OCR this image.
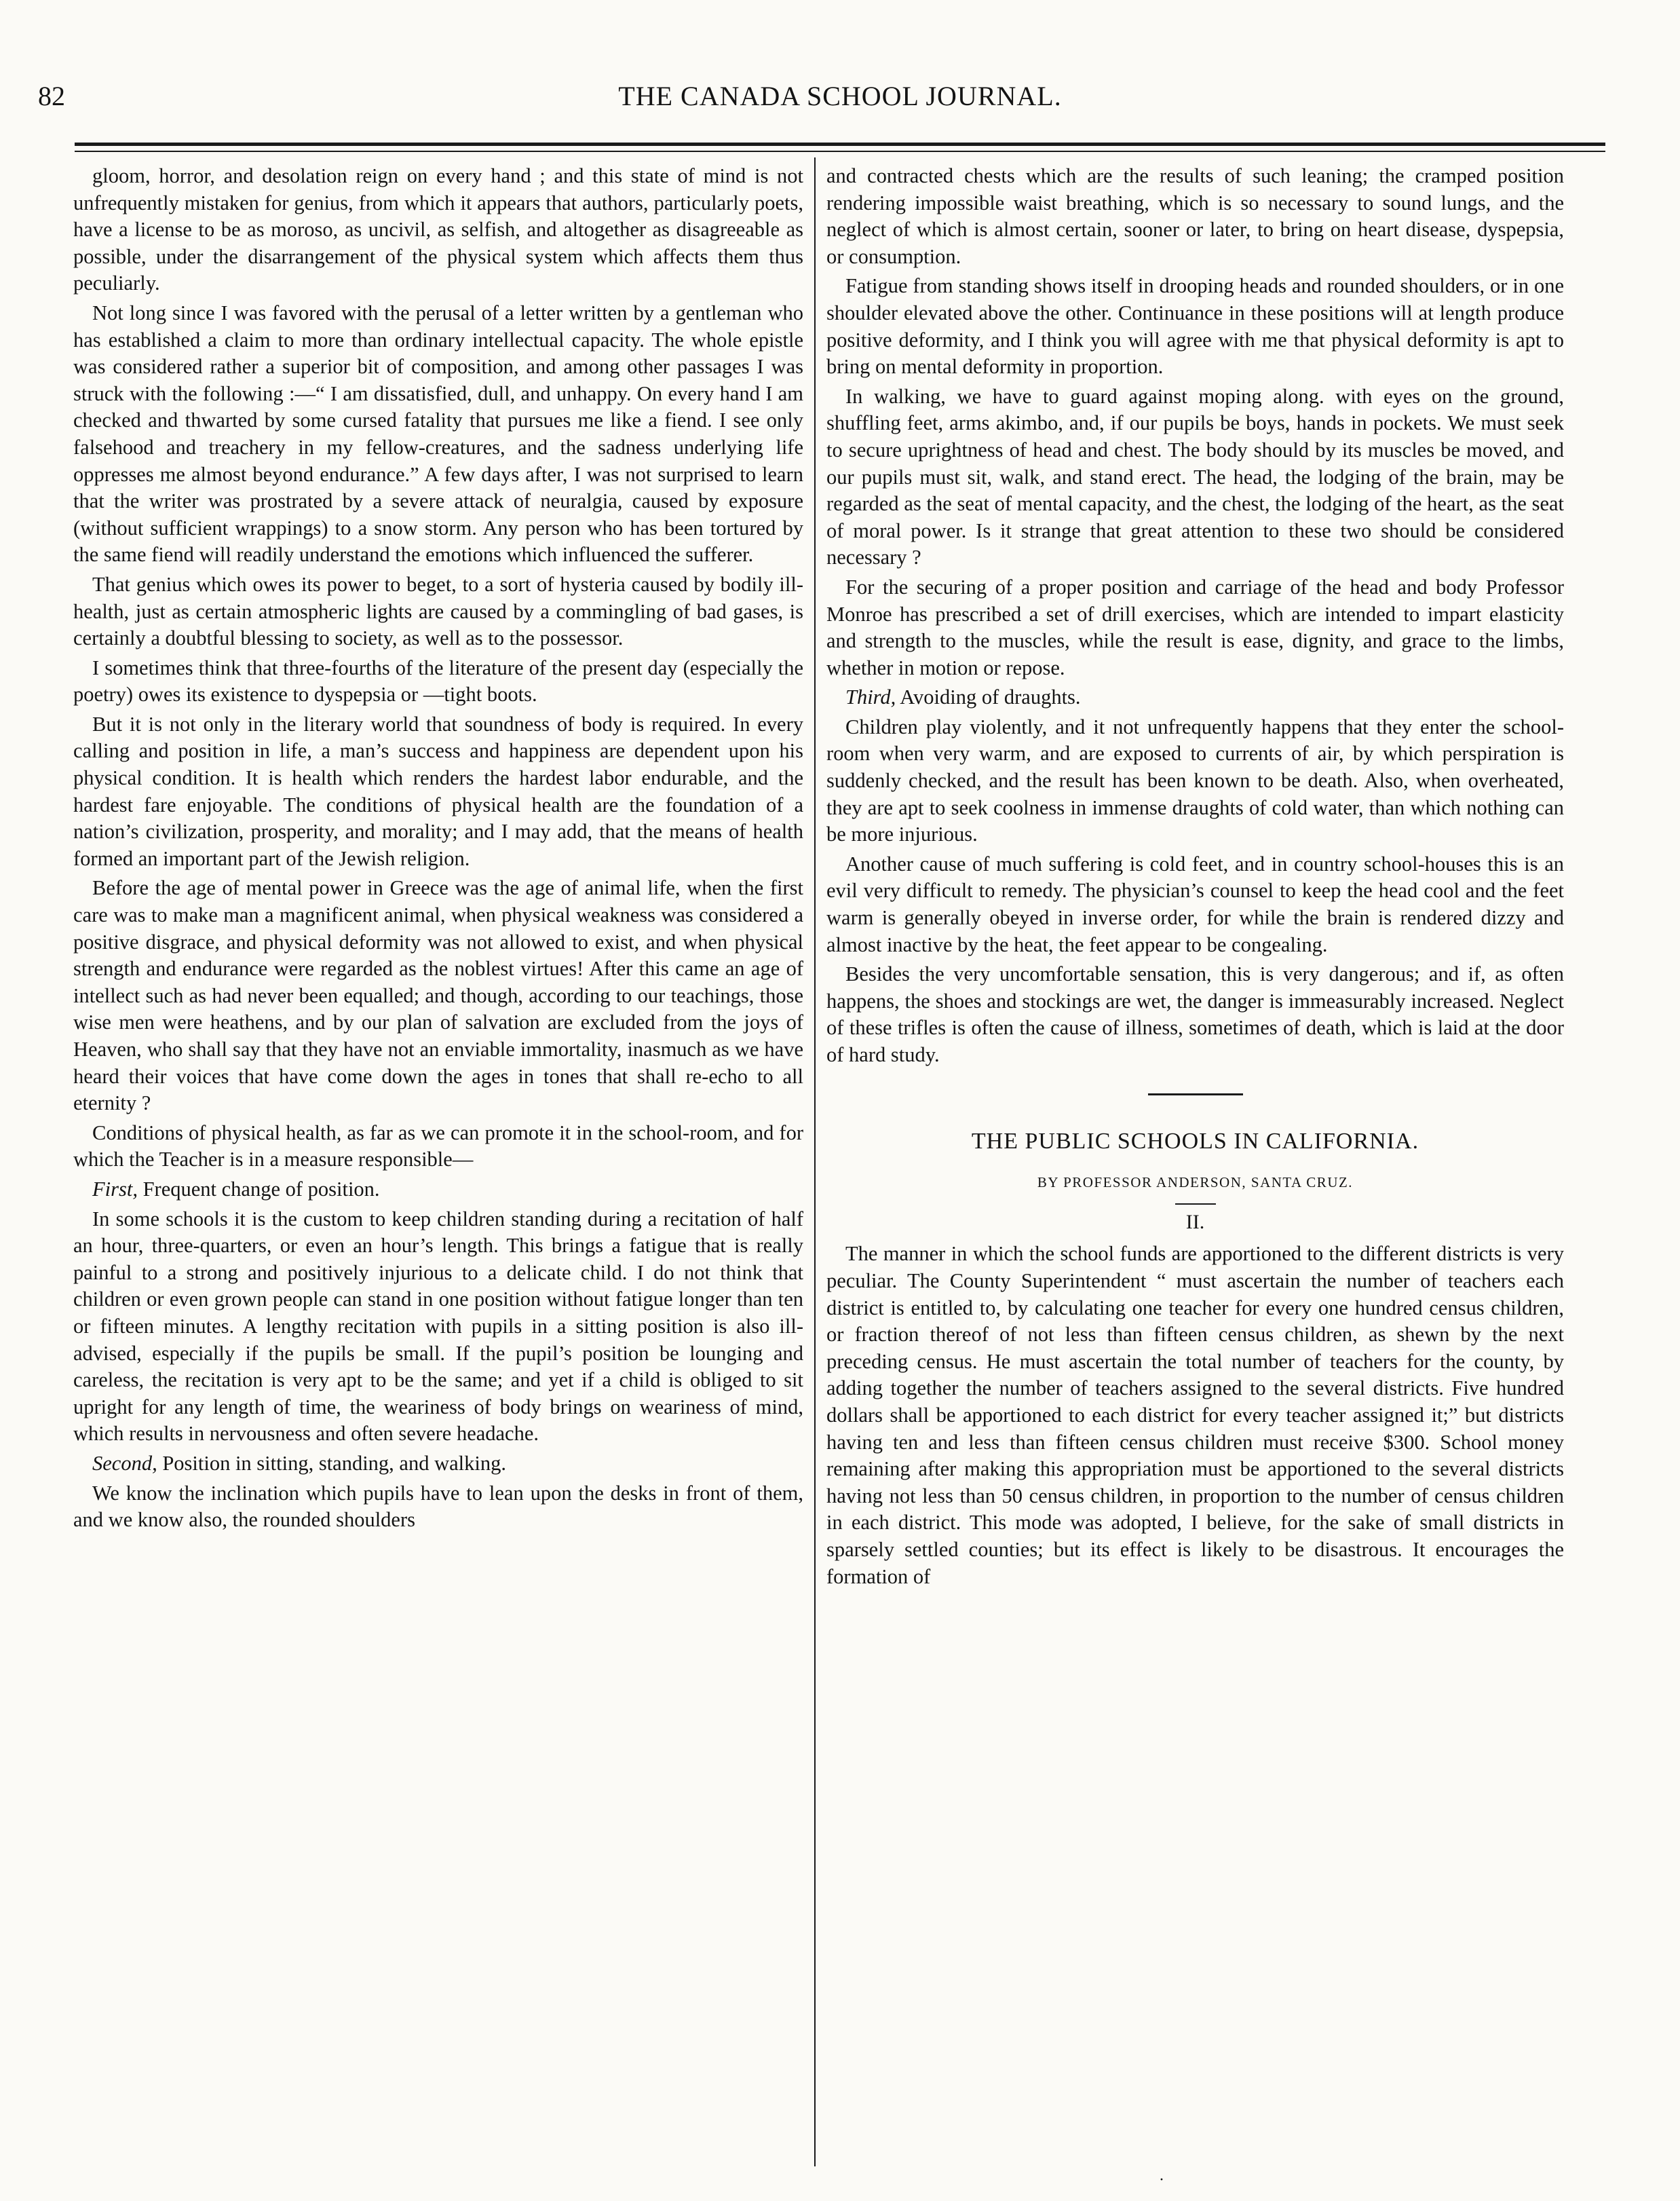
82	THE CANADA SCHOOL JOURNAL.

gloom, horror, and desolation reign on every hand ; and this state of mind is not unfrequently mistaken for genius, from which it appears that authors, particularly poets, have a license to be as moroso, as uncivil, as selfish, and altogether as disagreeable as possible, under the disarrangement of the physical system which affects them thus peculiarly.

Not long since I was favored with the perusal of a letter written by a gentleman who has established a claim to more than ordinary intellectual capacity. The whole epistle was considered rather a superior bit of composition, and among other passages I was struck with the following :—“ I am dissatisfied, dull, and unhappy. On every hand I am checked and thwarted by some cursed fatality that pursues me like a fiend. I see only falsehood and treachery in my fellow-creatures, and the sadness underlying life oppresses me almost beyond endurance.” A few days after, I was not surprised to learn that the writer was prostrated by a severe attack of neuralgia, caused by exposure (without sufficient wrappings) to a snow storm. Any person who has been tortured by the same fiend will readily understand the emotions which influenced the sufferer.

That genius which owes its power to beget, to a sort of hysteria caused by bodily ill-health, just as certain atmospheric lights are caused by a commingling of bad gases, is certainly a doubtful blessing to society, as well as to the possessor.

I sometimes think that three-fourths of the literature of the present day (especially the poetry) owes its existence to dyspepsia or —tight boots.

But it is not only in the literary world that soundness of body is required. In every calling and position in life, a man’s success and happiness are dependent upon his physical condition. It is health which renders the hardest labor endurable, and the hardest fare enjoyable. The conditions of physical health are the foundation of a nation’s civilization, prosperity, and morality; and I may add, that the means of health formed an important part of the Jewish religion.

Before the age of mental power in Greece was the age of animal life, when the first care was to make man a magnificent animal, when physical weakness was considered a positive disgrace, and physical deformity was not allowed to exist, and when physical strength and endurance were regarded as the noblest virtues! After this came an age of intellect such as had never been equalled; and though, according to our teachings, those wise men were heathens, and by our plan of salvation are excluded from the joys of Heaven, who shall say that they have not an enviable immortality, inasmuch as we have heard their voices that have come down the ages in tones that shall re-echo to all eternity ?

Conditions of physical health, as far as we can promote it in the school-room, and for which the Teacher is in a measure responsible—

First, Frequent change of position.

In some schools it is the custom to keep children standing during a recitation of half an hour, three-quarters, or even an hour’s length. This brings a fatigue that is really painful to a strong and positively injurious to a delicate child. I do not think that children or even grown people can stand in one position without fatigue longer than ten or fifteen minutes. A lengthy recitation with pupils in a sitting position is also ill-advised, especially if the pupils be small. If the pupil’s position be lounging and careless, the recitation is very apt to be the same; and yet if a child is obliged to sit upright for any length of time, the weariness of body brings on weariness of mind, which results in nervousness and often severe headache.

Second, Position in sitting, standing, and walking.

We know the inclination which pupils have to lean upon the desks in front of them, and we know also, the rounded shoulders

and contracted chests which are the results of such leaning; the cramped position rendering impossible waist breathing, which is so necessary to sound lungs, and the neglect of which is almost certain, sooner or later, to bring on heart disease, dyspepsia, or consumption.

Fatigue from standing shows itself in drooping heads and rounded shoulders, or in one shoulder elevated above the other. Continuance in these positions will at length produce positive deformity, and I think you will agree with me that physical deformity is apt to bring on mental deformity in proportion.

In walking, we have to guard against moping along. with eyes on the ground, shuffling feet, arms akimbo, and, if our pupils be boys, hands in pockets. We must seek to secure uprightness of head and chest. The body should by its muscles be moved, and our pupils must sit, walk, and stand erect. The head, the lodging of the brain, may be regarded as the seat of mental capacity, and the chest, the lodging of the heart, as the seat of moral power. Is it strange that great attention to these two should be considered necessary ?

For the securing of a proper position and carriage of the head and body Professor Monroe has prescribed a set of drill exercises, which are intended to impart elasticity and strength to the muscles, while the result is ease, dignity, and grace to the limbs, whether in motion or repose.

Third, Avoiding of draughts.

Children play violently, and it not unfrequently happens that they enter the school-room when very warm, and are exposed to currents of air, by which perspiration is suddenly checked, and the result has been known to be death. Also, when overheated, they are apt to seek coolness in immense draughts of cold water, than which nothing can be more injurious.

Another cause of much suffering is cold feet, and in country school-houses this is an evil very difficult to remedy. The physician’s counsel to keep the head cool and the feet warm is generally obeyed in inverse order, for while the brain is rendered dizzy and almost inactive by the heat, the feet appear to be congealing.

Besides the very uncomfortable sensation, this is very dangerous; and if, as often happens, the shoes and stockings are wet, the danger is immeasurably increased. Neglect of these trifles is often the cause of illness, sometimes of death, which is laid at the door of hard study.

THE PUBLIC SCHOOLS IN CALIFORNIA.
BY PROFESSOR ANDERSON, SANTA CRUZ.
II.

The manner in which the school funds are apportioned to the different districts is very peculiar. The County Superintendent “ must ascertain the number of teachers each district is entitled to, by calculating one teacher for every one hundred census children, or fraction thereof of not less than fifteen census children, as shewn by the next preceding census. He must ascertain the total number of teachers for the county, by adding together the number of teachers assigned to the several districts. Five hundred dollars shall be apportioned to each district for every teacher assigned it;” but districts having ten and less than fifteen census children must receive $300. School money remaining after making this appropriation must be apportioned to the several districts having not less than 50 census children, in proportion to the number of census children in each district. This mode was adopted, I believe, for the sake of small districts in sparsely settled counties; but its effect is likely to be disastrous. It encourages the formation of

·
